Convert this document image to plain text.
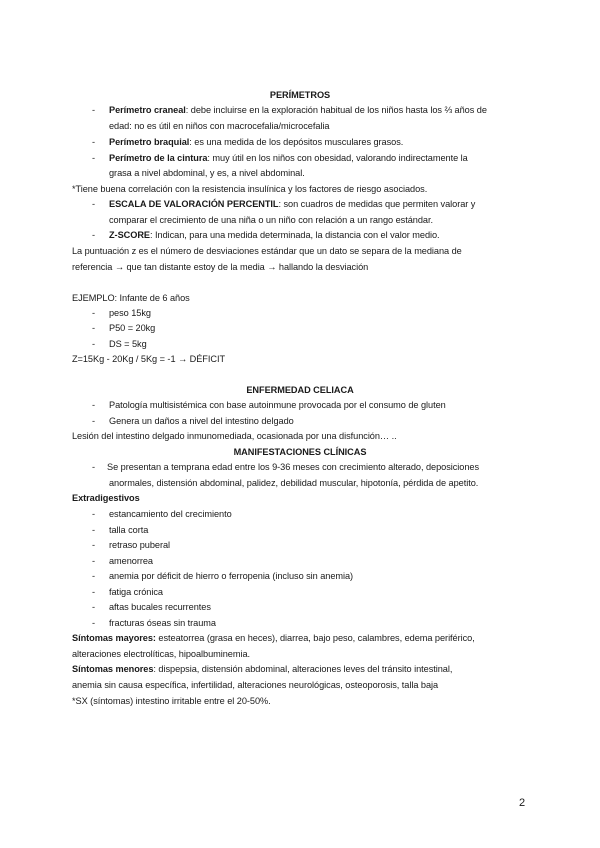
PERÍMETROS
- Perímetro craneal: debe incluirse en la exploración habitual de los niños hasta los ⅔ años de
edad: no es útil en niños con macrocefalia/microcefalia
- Perímetro braquial: es una medida de los depósitos musculares grasos.
- Perímetro de la cintura: muy útil en los niños con obesidad, valorando indirectamente la
grasa a nivel abdominal, y es, a nivel abdominal.
*Tiene buena correlación con la resistencia insulínica y los factores de riesgo asociados.
- ESCALA DE VALORACIÓN PERCENTIL: son cuadros de medidas que permiten valorar y
comparar el crecimiento de una niña o un niño con relación a un rango estándar.
- Z-SCORE: Indican, para una medida determinada, la distancia con el valor medio.
La puntuación z es el número de desviaciones estándar que un dato se separa de la mediana de
referencia → que tan distante estoy de la media → hallando la desviación
EJEMPLO: Infante de 6 años
- peso 15kg
- P50 = 20kg
- DS = 5kg
Z=15Kg - 20Kg / 5Kg = -1 → DÉFICIT
ENFERMEDAD CELIACA
- Patología multisistémica con base autoinmune provocada por el consumo de gluten
- Genera un daños a nivel del intestino delgado
Lesión del intestino delgado inmunomediada, ocasionada por una disfunción… ..
MANIFESTACIONES CLÍNICAS
- Se presentan a temprana edad entre los 9-36 meses con crecimiento alterado, deposiciones
anormales, distensión abdominal, palidez, debilidad muscular, hipotonía, pérdida de apetito.
Extradigestivos
- estancamiento del crecimiento
- talla corta
- retraso puberal
- amenorrea
- anemia por déficit de hierro o ferropenia (incluso sin anemia)
- fatiga crónica
- aftas bucales recurrentes
- fracturas óseas sin trauma
Síntomas mayores: esteatorrea (grasa en heces), diarrea, bajo peso, calambres, edema periférico,
alteraciones electrolíticas, hipoalbuminemia.
Síntomas menores: dispepsia, distensión abdominal, alteraciones leves del tránsito intestinal,
anemia sin causa específica, infertilidad, alteraciones neurológicas, osteoporosis, talla baja
*SX (síntomas) intestino irritable entre el 20-50%.
2
